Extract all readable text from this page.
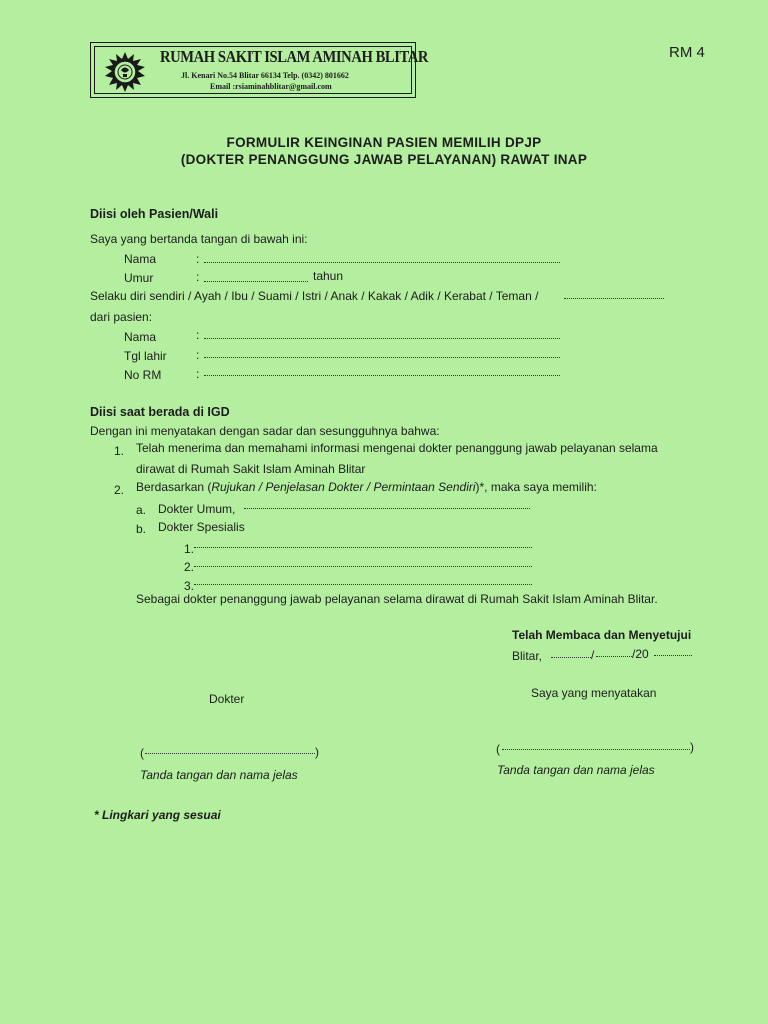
RUMAH SAKIT ISLAM AMINAH BLITAR
Jl. Kenari No.54 Blitar 66134 Telp. (0342) 801662
Email :rsiaminahblitar@gmail.com
RM 4
FORMULIR KEINGINAN PASIEN MEMILIH DPJP
(DOKTER PENANGGUNG JAWAB PELAYANAN) RAWAT INAP
Diisi oleh Pasien/Wali
Saya yang bertanda tangan di bawah ini:
Nama	:
Umur	:	tahun
Selaku diri sendiri / Ayah / Ibu / Suami / Istri / Anak / Kakak / Adik / Kerabat / Teman /
dari pasien:
Nama	:
Tgl lahir :
No RM	:
Diisi saat berada di IGD
Dengan ini menyatakan dengan sadar dan sesungguhnya bahwa:
1. Telah menerima dan memahami informasi mengenai dokter penanggung jawab pelayanan selama
dirawat di Rumah Sakit Islam Aminah Blitar
2. Berdasarkan (Rujukan / Penjelasan Dokter / Permintaan Sendiri)*, maka saya memilih:
a. Dokter Umum,
b. Dokter Spesialis
1.
2.
3.
Sebagai dokter penanggung jawab pelayanan selama dirawat di Rumah Sakit Islam Aminah Blitar.
Telah Membaca dan Menyetujui
Blitar,	/	/20
Dokter	Saya yang menyatakan
(	)	(	)
Tanda tangan dan nama jelas	Tanda tangan dan nama jelas
* Lingkari yang sesuai
